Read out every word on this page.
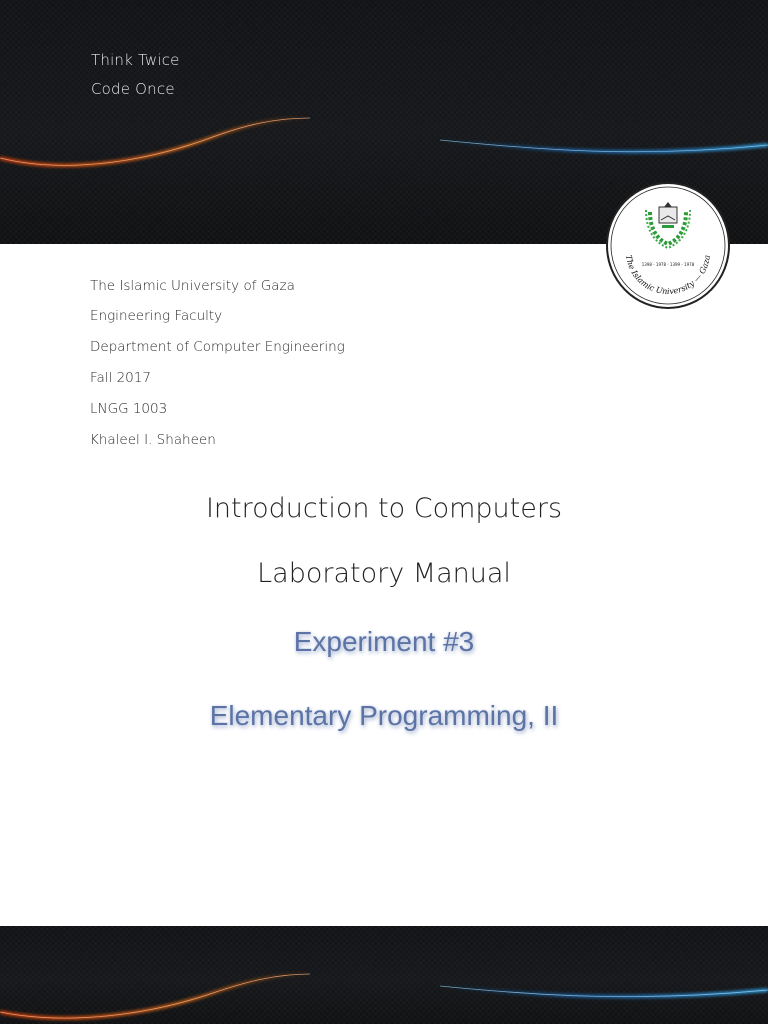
Think Twice
Code Once
1398 - 1978 · 1399 - 1978
The Islamic University — Gaza
The Islamic University of Gaza
Engineering Faculty
Department of Computer Engineering
Fall 2017
LNGG 1003
Khaleel I. Shaheen
Introduction to Computers
Laboratory Manual
Experiment #3
Elementary Programming, II
